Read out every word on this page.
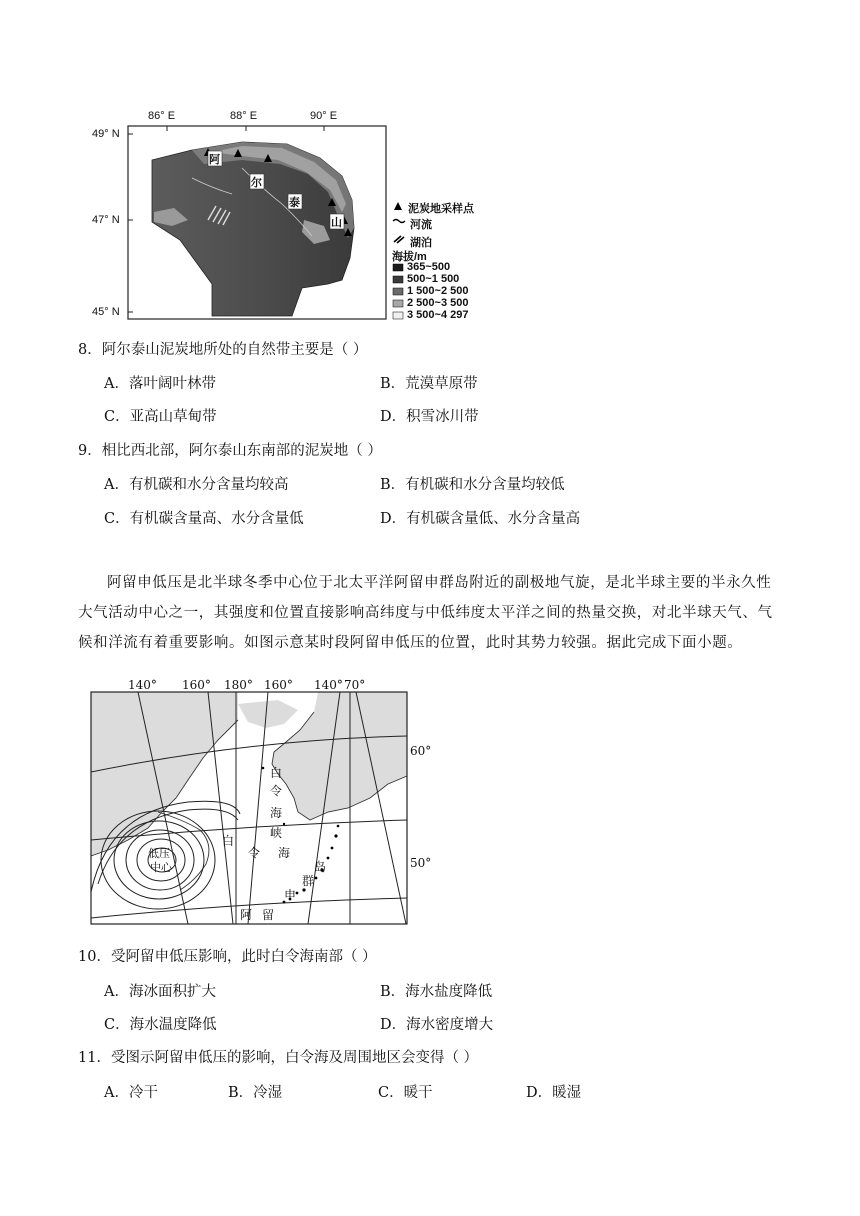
86° E	88° E	90° E
49° N
47° N
45° N
阿
尔
泰
山
泥炭地采样点
河流
湖泊
海拔/m
365~500
500~1 500
1 500~2 500
2 500~3 500
3 500~4 297
8．阿尔泰山泥炭地所处的自然带主要是（ ）
A．落叶阔叶林带	B．荒漠草原带
C．亚高山草甸带	D．积雪冰川带
9．相比西北部，阿尔泰山东南部的泥炭地（ ）
A．有机碳和水分含量均较高	B．有机碳和水分含量均较低
C．有机碳含量高、水分含量低	D．有机碳含量低、水分含量高
阿留申低压是北半球冬季中心位于北太平洋阿留申群岛附近的副极地气旋，是北半球主要的半永久性大气活动中心之一，其强度和位置直接影响高纬度与中低纬度太平洋之间的热量交换，对北半球天气、气候和洋流有着重要影响。如图示意某时段阿留申低压的位置，此时其势力较强。据此完成下面小题。
140° 160° 180° 160° 140° 70°
60°
50°
白
令
海
峡
白
令 海
低压
中心
阿 留
申
群
岛
10．受阿留申低压影响，此时白令海南部（ ）
A．海冰面积扩大	B．海水盐度降低
C．海水温度降低	D．海水密度增大
11．受图示阿留申低压的影响，白令海及周围地区会变得（ ）
A．冷干	B．冷湿	C．暖干	D．暖湿
